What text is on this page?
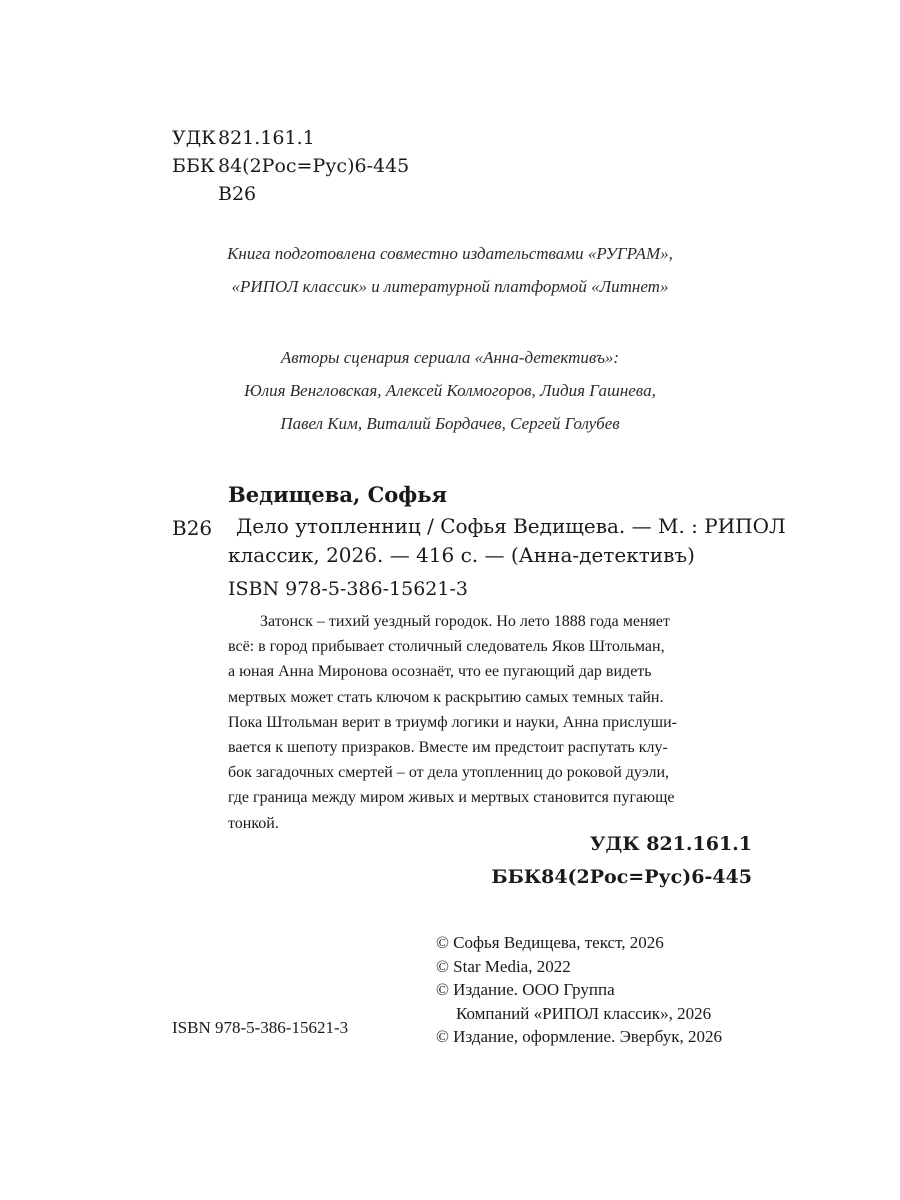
УДК 821.161.1
ББК 84(2Рос=Рус)6-445
В26
Книга подготовлена совместно издательствами «РУГРАМ»,
«РИПОЛ классик» и литературной платформой «Литнет»
Авторы сценария сериала «Анна-детективъ»:
Юлия Венгловская, Алексей Колмогоров, Лидия Гашнева,
Павел Ким, Виталий Бордачев, Сергей Голубев
Ведищева, Софья
В26	Дело утопленниц / Софья Ведищева. — М. : РИПОЛ
классик, 2026. — 416 с. — (Анна-детективъ)
ISBN 978-5-386-15621-3
Затонск – тихий уездный городок. Но лето 1888 года меняет
всё: в город прибывает столичный следователь Яков Штольман,
а юная Анна Миронова осознаёт, что ее пугающий дар видеть
мертвых может стать ключом к раскрытию самых темных тайн.
Пока Штольман верит в триумф логики и науки, Анна прислуши-
вается к шепоту призраков. Вместе им предстоит распутать клу-
бок загадочных смертей – от дела утопленниц до роковой дуэли,
где граница между миром живых и мертвых становится пугающе
тонкой.
УДК 821.161.1
ББК84(2Рос=Рус)6-445
ISBN 978-5-386-15621-3
© Софья Ведищева, текст, 2026
© Star Media, 2022
© Издание. ООО Группа
Компаний «РИПОЛ классик», 2026
© Издание, оформление. Эвербук, 2026
